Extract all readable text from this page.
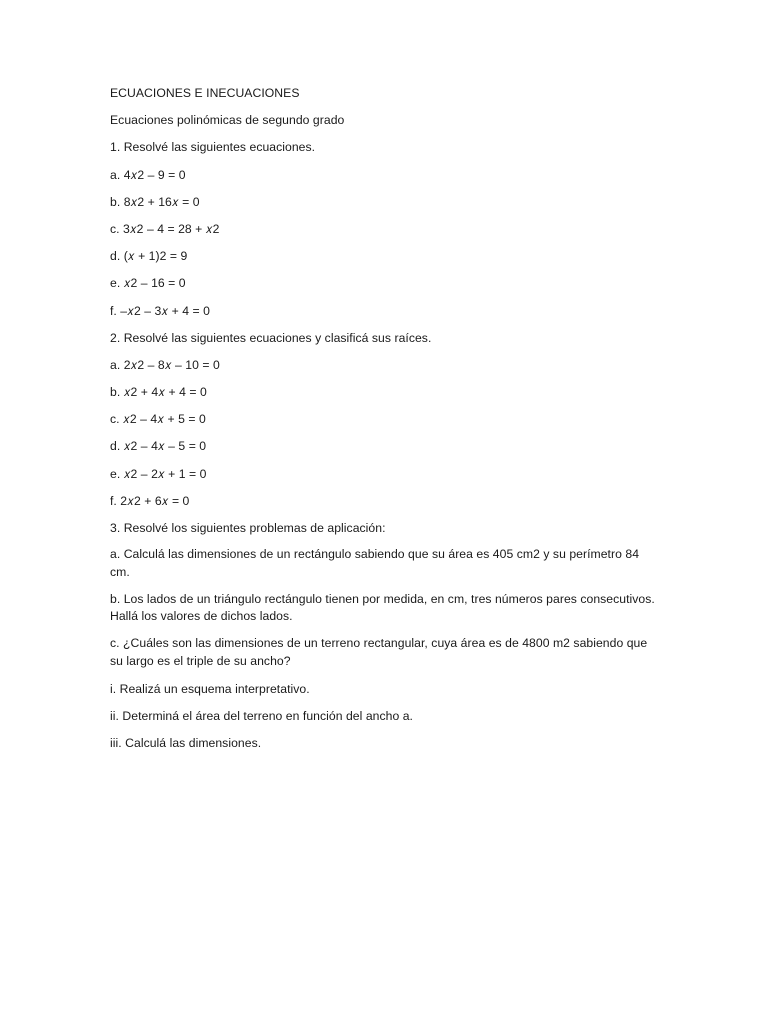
ECUACIONES E INECUACIONES
Ecuaciones polinómicas de segundo grado
1. Resolvé las siguientes ecuaciones.
a. 4𝑥2 – 9 = 0
b. 8𝑥2 + 16𝑥 = 0
c. 3𝑥2 – 4 = 28 + 𝑥2
d. (𝑥 + 1)2 = 9
e. 𝑥2 – 16 = 0
f. –𝑥2 – 3𝑥 + 4 = 0
2. Resolvé las siguientes ecuaciones y clasificá sus raíces.
a. 2𝑥2 – 8𝑥 – 10 = 0
b. 𝑥2 + 4𝑥 + 4 = 0
c. 𝑥2 – 4𝑥 + 5 = 0
d. 𝑥2 – 4𝑥 – 5 = 0
e. 𝑥2 – 2𝑥 + 1 = 0
f. 2𝑥2 + 6𝑥 = 0
3. Resolvé los siguientes problemas de aplicación:
a. Calculá las dimensiones de un rectángulo sabiendo que su área es 405 cm2 y su perímetro 84 cm.
b. Los lados de un triángulo rectángulo tienen por medida, en cm, tres números pares consecutivos. Hallá los valores de dichos lados.
c. ¿Cuáles son las dimensiones de un terreno rectangular, cuya área es de 4800 m2 sabiendo que su largo es el triple de su ancho?
i. Realizá un esquema interpretativo.
ii. Determiná el área del terreno en función del ancho a.
iii. Calculá las dimensiones.
